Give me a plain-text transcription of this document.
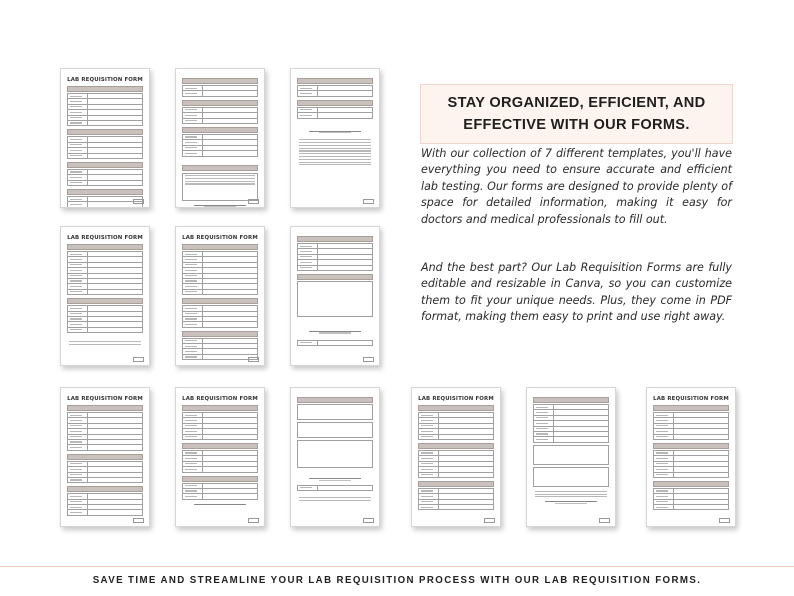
LAB REQUISITION FORM
LAB REQUISITION FORM	LAB REQUISITION FORM
LAB REQUISITION FORM	LAB REQUISITION FORM	LAB REQUISITION FORM	LAB REQUISITION FORM
STAY ORGANIZED, EFFICIENT, AND
EFFECTIVE WITH OUR FORMS.

With our collection of 7 different templates, you'll have everything you need to ensure accurate and efficient lab testing. Our forms are designed to provide plenty of space for detailed information, making it easy for doctors and medical professionals to fill out.

And the best part? Our Lab Requisition Forms are fully editable and resizable in Canva, so you can customize them to fit your unique needs. Plus, they come in PDF format, making them easy to print and use right away.

SAVE TIME AND STREAMLINE YOUR LAB REQUISITION PROCESS WITH OUR LAB REQUISITION FORMS.
